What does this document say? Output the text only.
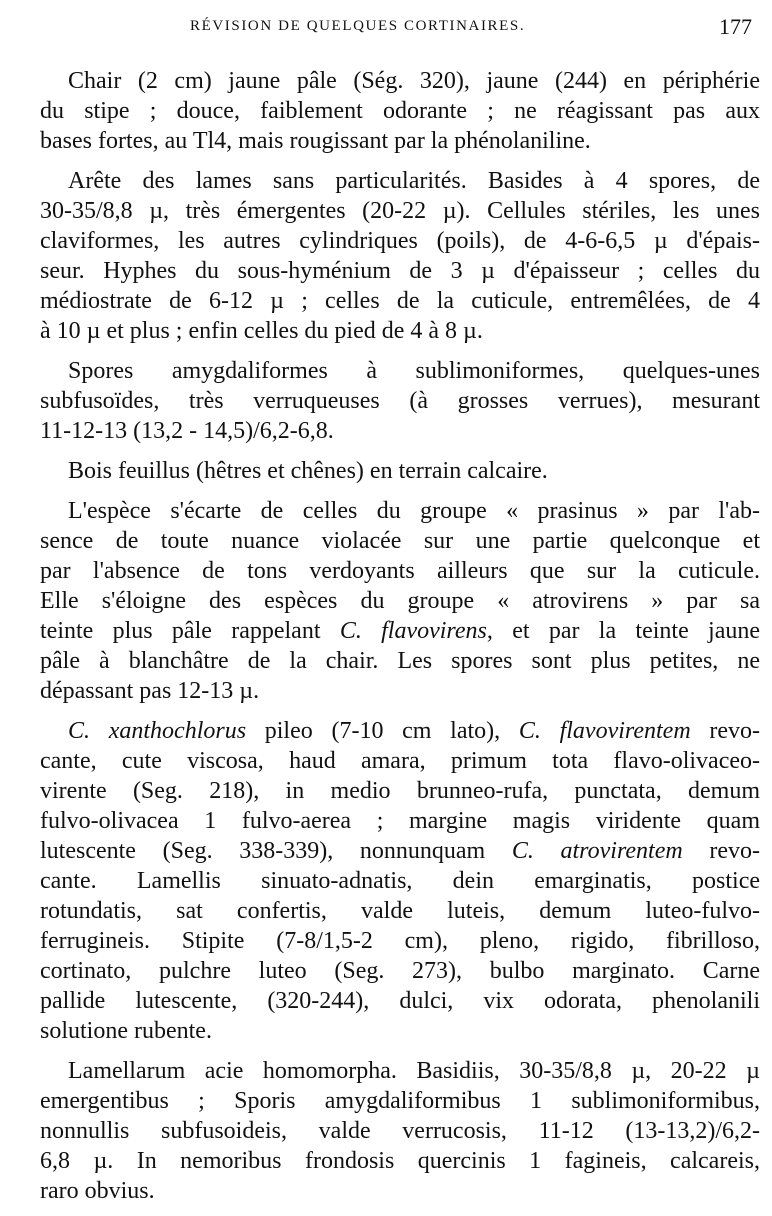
RÉVISION DE QUELQUES CORTINAIRES.	177

Chair (2 cm) jaune pâle (Ség. 320), jaune (244) en périphérie
du stipe ; douce, faiblement odorante ; ne réagissant pas aux
bases fortes, au Tl4, mais rougissant par la phénolaniline.

Arête des lames sans particularités. Basides à 4 spores, de
30-35/8,8 µ, très émergentes (20-22 µ). Cellules stériles, les unes
claviformes, les autres cylindriques (poils), de 4-6-6,5 µ d'épais-
seur. Hyphes du sous-hyménium de 3 µ d'épaisseur ; celles du
médiostrate de 6-12 µ ; celles de la cuticule, entremêlées, de 4
à 10 µ et plus ; enfin celles du pied de 4 à 8 µ.

Spores amygdaliformes à sublimoniformes, quelques-unes
subfusoïdes, très verruqueuses (à grosses verrues), mesurant
11-12-13 (13,2 - 14,5)/6,2-6,8.

Bois feuillus (hêtres et chênes) en terrain calcaire.

L'espèce s'écarte de celles du groupe « prasinus » par l'ab-
sence de toute nuance violacée sur une partie quelconque et
par l'absence de tons verdoyants ailleurs que sur la cuticule.
Elle s'éloigne des espèces du groupe « atrovirens » par sa
teinte plus pâle rappelant C. flavovirens, et par la teinte jaune
pâle à blanchâtre de la chair. Les spores sont plus petites, ne
dépassant pas 12-13 µ.

C. xanthochlorus pileo (7-10 cm lato), C. flavovirentem revo-
cante, cute viscosa, haud amara, primum tota flavo-olivaceo-
virente (Seg. 218), in medio brunneo-rufa, punctata, demum
fulvo-olivacea 1 fulvo-aerea ; margine magis viridente quam
lutescente (Seg. 338-339), nonnunquam C. atrovirentem revo-
cante. Lamellis sinuato-adnatis, dein emarginatis, postice
rotundatis, sat confertis, valde luteis, demum luteo-fulvo-
ferrugineis. Stipite (7-8/1,5-2 cm), pleno, rigido, fibrilloso,
cortinato, pulchre luteo (Seg. 273), bulbo marginato. Carne
pallide lutescente, (320-244), dulci, vix odorata, phenolanili
solutione rubente.

Lamellarum acie homomorpha. Basidiis, 30-35/8,8 µ, 20-22 µ
emergentibus ; Sporis amygdaliformibus 1 sublimoniformibus,
nonnullis subfusoideis, valde verrucosis, 11-12 (13-13,2)/6,2-
6,8 µ. In nemoribus frondosis quercinis 1 fagineis, calcareis,
raro obvius.
